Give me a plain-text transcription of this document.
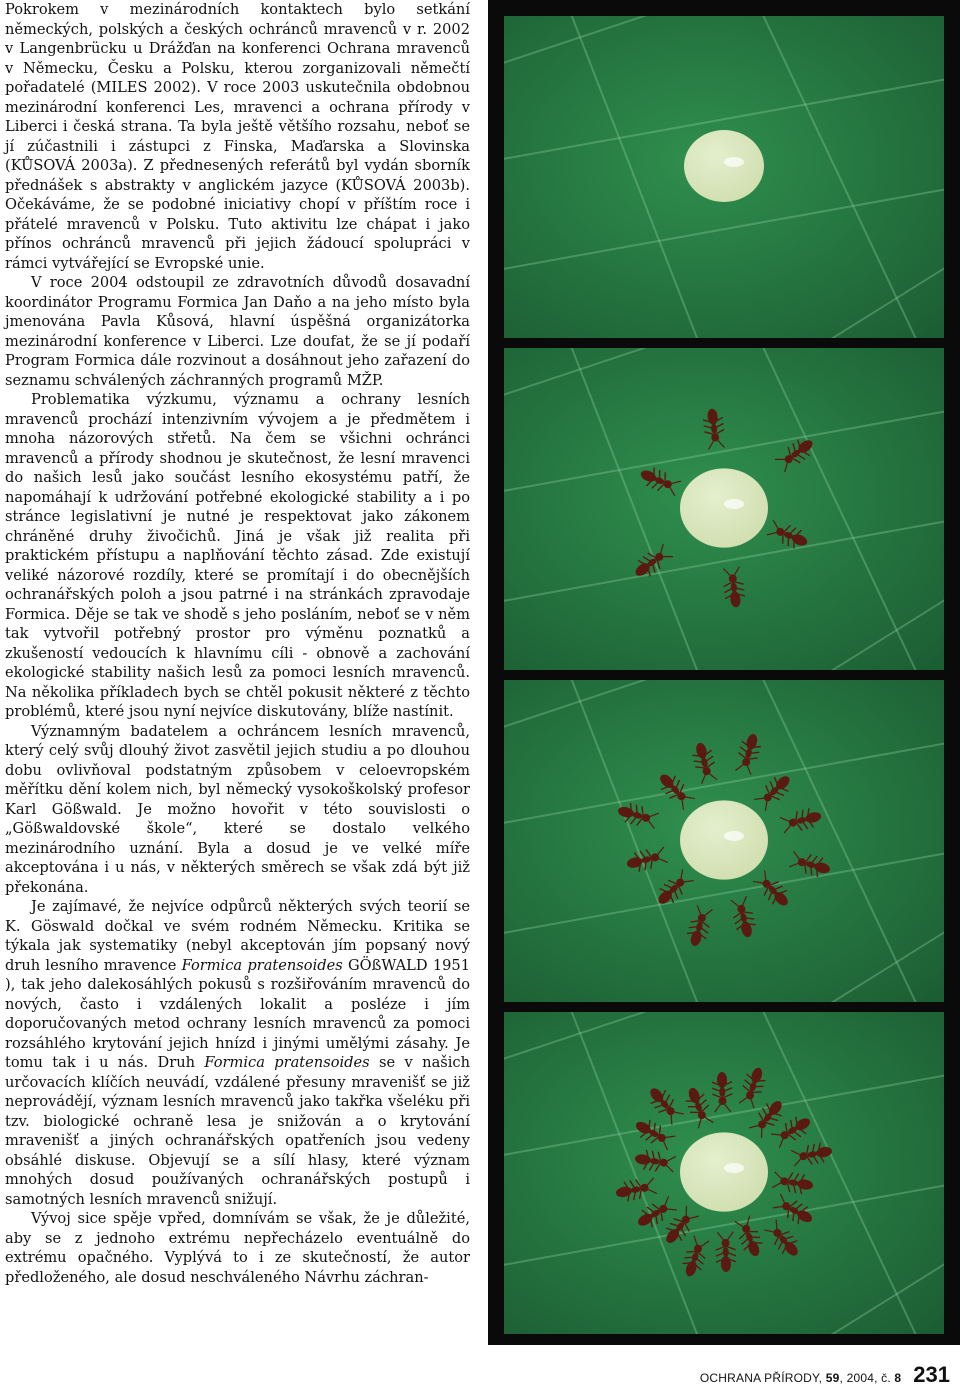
Pokrokem v mezinárodních kontaktech bylo setkání německých, polských a českých ochránců mravenců v r. 2002 v Langenbrücku u Drážďan na konferenci Ochrana mravenců v Německu, Česku a Polsku, kterou zorganizovali němečtí pořadatelé (MILES 2002). V roce 2003 uskutečnila obdobnou mezinárodní konferenci Les, mravenci a ochrana přírody v Liberci i česká strana. Ta byla ještě většího rozsahu, neboť se jí zúčastnili i zástupci z Finska, Maďarska a Slovinska (KŮSOVÁ 2003a). Z přednesených referátů byl vydán sborník přednášek s abstrakty v anglickém jazyce (KŮSOVÁ 2003b). Očekáváme, že se podobné iniciativy chopí v příštím roce i přátelé mravenců v Polsku. Tuto aktivitu lze chápat i jako přínos ochránců mravenců při jejich žádoucí spolupráci v rámci vytvářející se Evropské unie.

V roce 2004 odstoupil ze zdravotních důvodů dosavadní koordinátor Programu Formica Jan Daňo a na jeho místo byla jmenována Pavla Kůsová, hlavní úspěšná organizátorka mezinárodní konference v Liberci. Lze doufat, že se jí podaří Program Formica dále rozvinout a dosáhnout jeho zařazení do seznamu schválených záchranných programů MŽP.

Problematika výzkumu, významu a ochrany lesních mravenců prochází intenzivním vývojem a je předmětem i mnoha názorových střetů. Na čem se všichni ochránci mravenců a přírody shodnou je skutečnost, že lesní mravenci do našich lesů jako součást lesního ekosystému patří, že napomáhají k udržování potřebné ekologické stability a i po stránce legislativní je nutné je respektovat jako zákonem chráněné druhy živočichů. Jiná je však již realita při praktickém přístupu a naplňování těchto zásad. Zde existují veliké názorové rozdíly, které se promítají i do obecnějších ochranářských poloh a jsou patrné i na stránkách zpravodaje Formica. Děje se tak ve shodě s jeho posláním, neboť se v něm tak vytvořil potřebný prostor pro výměnu poznatků a zkušeností vedoucích k hlavnímu cíli - obnově a zachování ekologické stability našich lesů za pomoci lesních mravenců. Na několika příkladech bych se chtěl pokusit některé z těchto problémů, které jsou nyní nejvíce diskutovány, blíže nastínit.

Významným badatelem a ochráncem lesních mravenců, který celý svůj dlouhý život zasvětil jejich studiu a po dlouhou dobu ovlivňoval podstatným způsobem v celoevropském měřítku dění kolem nich, byl německý vysokoškolský profesor Karl Gößwald. Je možno hovořit v této souvislosti o „Gößwaldovské škole“, které se dostalo velkého mezinárodního uznání. Byla a dosud je ve velké míře akceptována i u nás, v některých směrech se však zdá být již překonána.

Je zajímavé, že nejvíce odpůrců některých svých teorií se K. Göswald dočkal ve svém rodném Německu. Kritika se týkala jak systematiky (nebyl akceptován jím popsaný nový druh lesního mravence Formica pratensoides GÖßWALD 1951 ), tak jeho dalekosáhlých pokusů s rozšiřováním mravenců do nových, často i vzdálených lokalit a posléze i jím doporučovaných metod ochrany lesních mravenců za pomoci rozsáhlého krytování jejich hnízd i jinými umělými zásahy. Je tomu tak i u nás. Druh Formica pratensoides se v našich určovacích klíčích neuvádí, vzdálené přesuny mravenišť se již neprovádějí, význam lesních mravenců jako takřka všeléku při tzv. biologické ochraně lesa je snižován a o krytování mravenišť a jiných ochranářských opatřeních jsou vedeny obsáhlé diskuse. Objevují se a sílí hlasy, které význam mnohých dosud používaných ochranářských postupů i samotných lesních mravenců snižují.

Vývoj sice spěje vpřed, domnívám se však, že je důležité, aby se z jednoho extrému nepřecházelo eventuálně do extrému opačného. Vyplývá to i ze skutečností, že autor předloženého, ale dosud neschváleného Návrhu záchran-

OCHRANA PŘÍRODY, 59, 2004, č. 8 231
